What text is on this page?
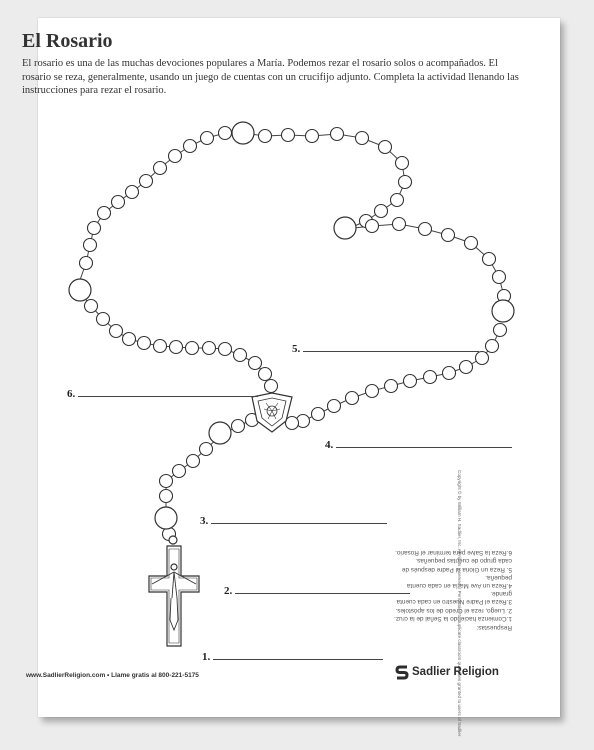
El Rosario

El rosario es una de las muchas devociones populares a María. Podemos rezar el rosario solos o acompañados. El rosario se reza, generalmente, usando un juego de cuentas con un crucifijo adjunto. Completa la actividad llenando las instrucciones para rezar el rosario.

1.
2.
3.
4.
5.
6.

Respuestas:

1.Comienza haciendo la Señal de la cruz.

2. Luego, reza el Credo de los apóstoles.

3.Reza el Padre Nuestro en cada cuenta grande.

4.Reza un Ave María en cada cuenta pequeña.

5. Reza un Gloria al Padre después de cada grupo de cuentas pequeñas.

6.Reza la Salve para terminar el Rosario.

Copyright © by William H. Sadlier, Inc. All rights reserved. / Permission to duplicate classroom quantities granted to users of Sadlier
www.SadlierReligion.com • Llame gratis al 800-221-5175	Sadlier Religion
